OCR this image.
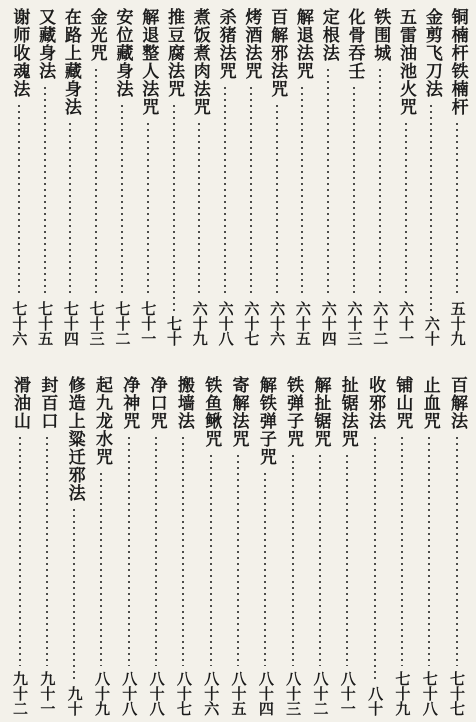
铜楠杆铁楠杆
五十九
金剪飞刀法
六十
五雷油池火咒
六十一
铁围城
六十二
化骨吞壬
六十三
定根法
六十四
解退法咒
六十五
百解邪法咒
六十六
烤酒法咒
六十七
杀猪法咒
六十八
煮饭煮肉法咒
六十九
推豆腐法咒
七十
解退整人法咒
七十一
安位藏身法
七十二
金光咒
七十三
在路上藏身法
七十四
又藏身法
七十五
谢师收魂法
七十六
百解法
七十七
止血咒
七十八
铺山咒
七十九
收邪法
八十
扯锯法咒
八十一
解扯锯咒
八十二
铁弹子咒
八十三
解铁弹子咒
八十四
寄解法咒
八十五
铁鱼鳅咒
八十六
搬墙法
八十七
净口咒
八十八
净神咒
八十八
起九龙水咒
八十九
修造上粱迁邪法
九十
封百口
九十一
滑油山
九十二
